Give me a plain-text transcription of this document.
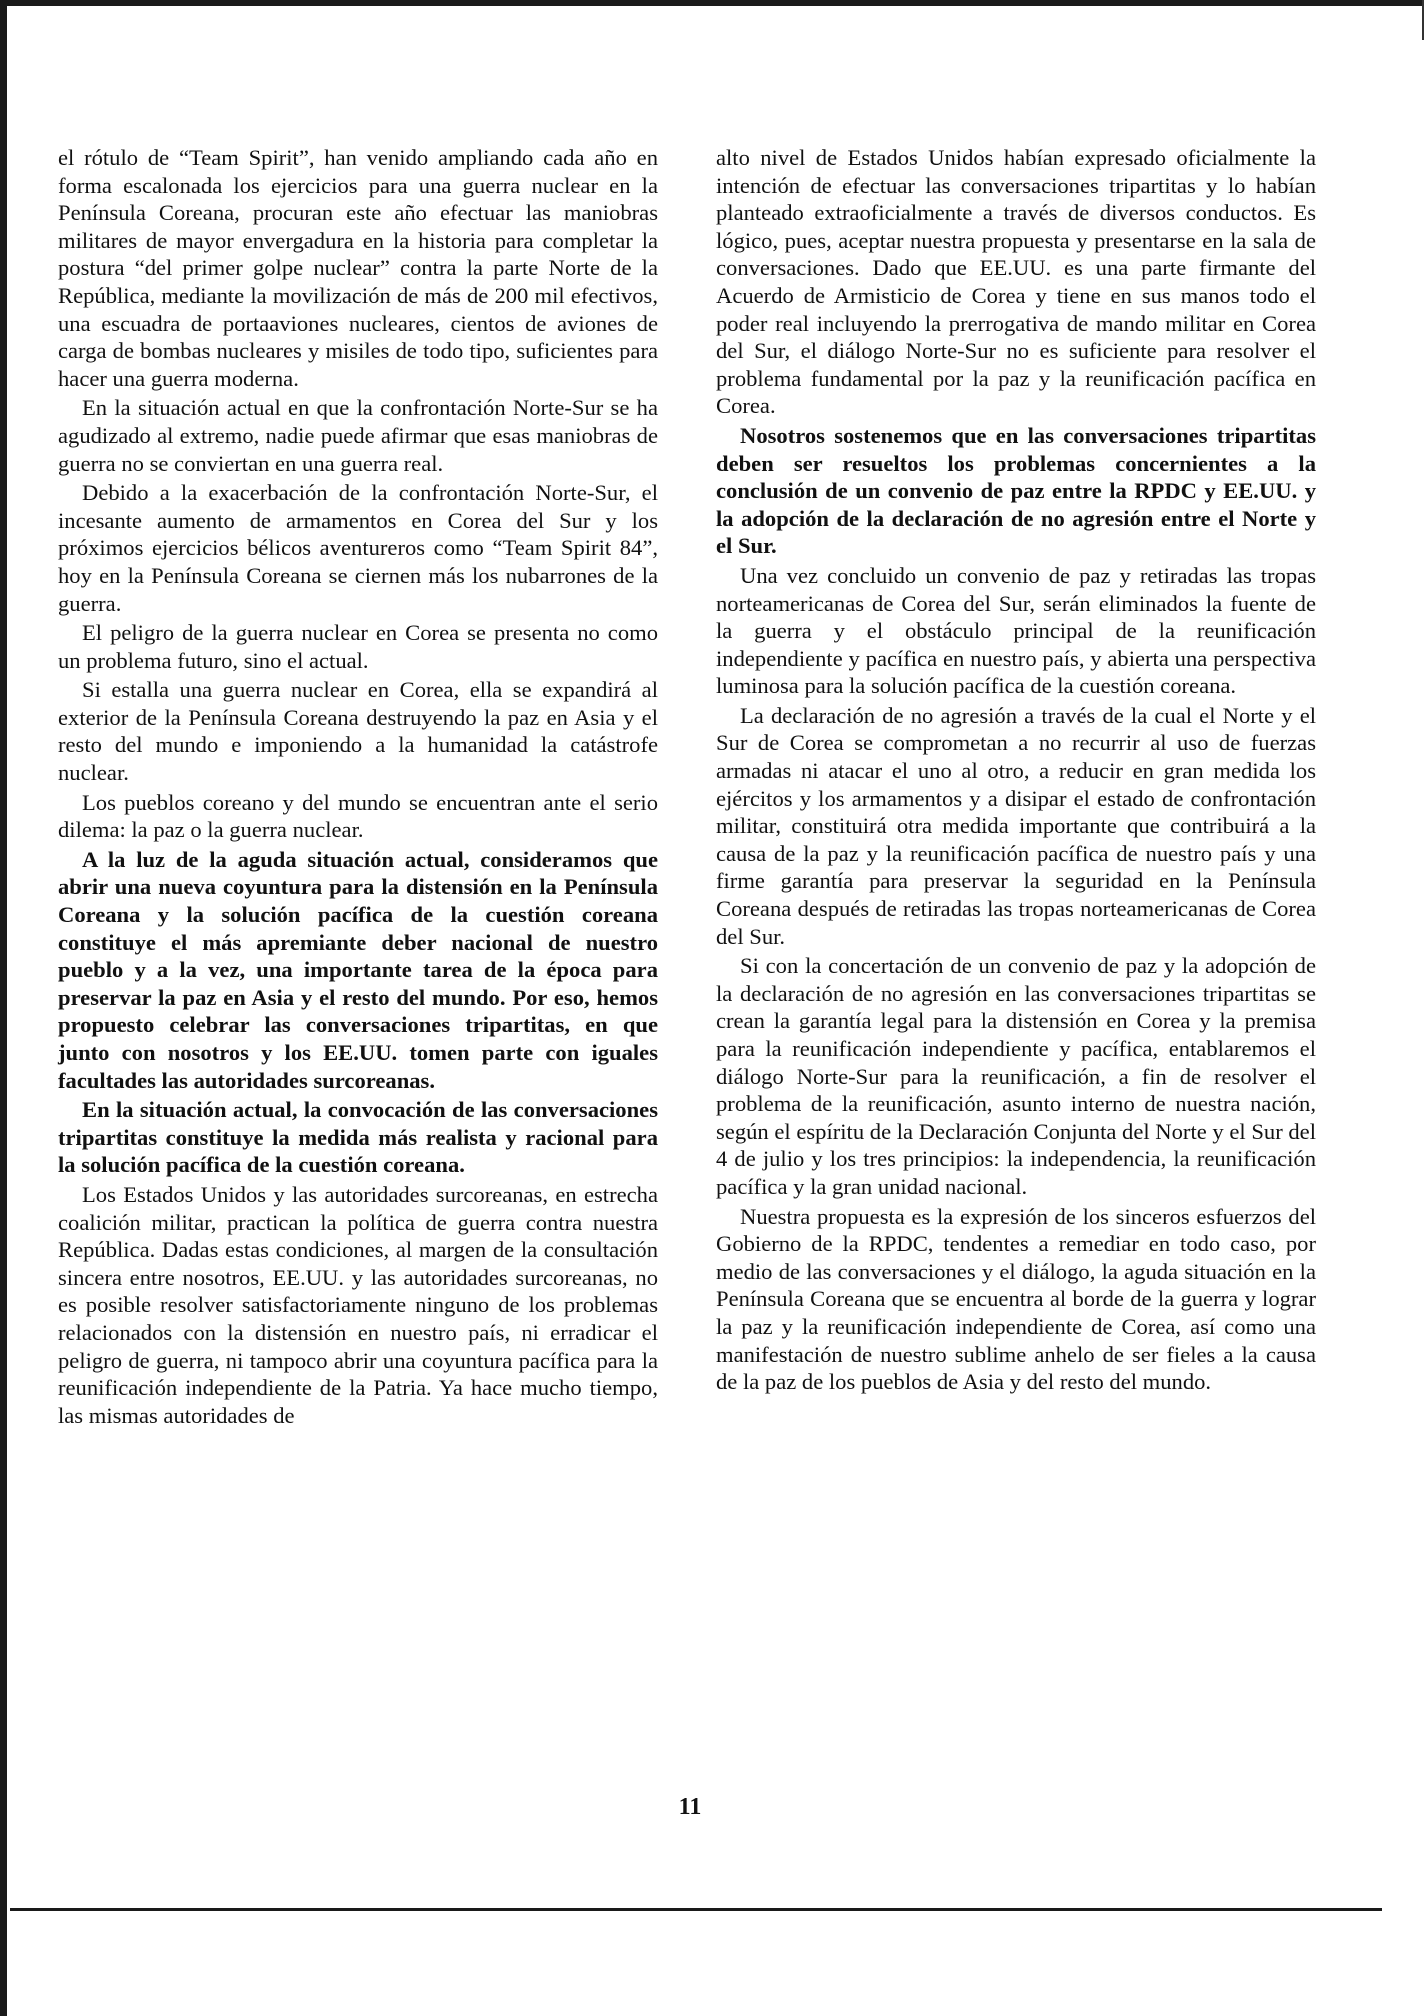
el rótulo de “Team Spirit”, han venido ampliando cada año en forma escalonada los ejercicios para una guerra nuclear en la Península Coreana, procuran este año efectuar las maniobras militares de mayor envergadura en la historia para completar la postura “del primer golpe nuclear” contra la parte Norte de la República, mediante la movilización de más de 200 mil efectivos, una escuadra de portaaviones nucleares, cientos de aviones de carga de bombas nucleares y misiles de todo tipo, suficientes para hacer una guerra moderna.

En la situación actual en que la confrontación Norte-Sur se ha agudizado al extremo, nadie puede afirmar que esas maniobras de guerra no se conviertan en una guerra real.

Debido a la exacerbación de la confrontación Norte-Sur, el incesante aumento de armamentos en Corea del Sur y los próximos ejercicios bélicos aventureros como “Team Spirit 84”, hoy en la Península Coreana se ciernen más los nubarrones de la guerra.

El peligro de la guerra nuclear en Corea se presenta no como un problema futuro, sino el actual.

Si estalla una guerra nuclear en Corea, ella se expandirá al exterior de la Península Coreana destruyendo la paz en Asia y el resto del mundo e imponiendo a la humanidad la catástrofe nuclear.

Los pueblos coreano y del mundo se encuentran ante el serio dilema: la paz o la guerra nuclear.

A la luz de la aguda situación actual, consideramos que abrir una nueva coyuntura para la distensión en la Península Coreana y la solución pacífica de la cuestión coreana constituye el más apremiante deber nacional de nuestro pueblo y a la vez, una importante tarea de la época para preservar la paz en Asia y el resto del mundo. Por eso, hemos propuesto celebrar las conversaciones tripartitas, en que junto con nosotros y los EE.UU. tomen parte con iguales facultades las autoridades surcoreanas.

En la situación actual, la convocación de las conversaciones tripartitas constituye la medida más realista y racional para la solución pacífica de la cuestión coreana.

Los Estados Unidos y las autoridades surcoreanas, en estrecha coalición militar, practican la política de guerra contra nuestra República. Dadas estas condiciones, al margen de la consultación sincera entre nosotros, EE.UU. y las autoridades surcoreanas, no es posible resolver satisfactoriamente ninguno de los problemas relacionados con la distensión en nuestro país, ni erradicar el peligro de guerra, ni tampoco abrir una coyuntura pacífica para la reunificación independiente de la Patria. Ya hace mucho tiempo, las mismas autoridades de

alto nivel de Estados Unidos habían expresado oficialmente la intención de efectuar las conversaciones tripartitas y lo habían planteado extraoficialmente a través de diversos conductos. Es lógico, pues, aceptar nuestra propuesta y presentarse en la sala de conversaciones. Dado que EE.UU. es una parte firmante del Acuerdo de Armisticio de Corea y tiene en sus manos todo el poder real incluyendo la prerrogativa de mando militar en Corea del Sur, el diálogo Norte-Sur no es suficiente para resolver el problema fundamental por la paz y la reunificación pacífica en Corea.

Nosotros sostenemos que en las conversaciones tripartitas deben ser resueltos los problemas concernientes a la conclusión de un convenio de paz entre la RPDC y EE.UU. y la adopción de la declaración de no agresión entre el Norte y el Sur.

Una vez concluido un convenio de paz y retiradas las tropas norteamericanas de Corea del Sur, serán eliminados la fuente de la guerra y el obstáculo principal de la reunificación independiente y pacífica en nuestro país, y abierta una perspectiva luminosa para la solución pacífica de la cuestión coreana.

La declaración de no agresión a través de la cual el Norte y el Sur de Corea se comprometan a no recurrir al uso de fuerzas armadas ni atacar el uno al otro, a reducir en gran medida los ejércitos y los armamentos y a disipar el estado de confrontación militar, constituirá otra medida importante que contribuirá a la causa de la paz y la reunificación pacífica de nuestro país y una firme garantía para preservar la seguridad en la Península Coreana después de retiradas las tropas norteamericanas de Corea del Sur.

Si con la concertación de un convenio de paz y la adopción de la declaración de no agresión en las conversaciones tripartitas se crean la garantía legal para la distensión en Corea y la premisa para la reunificación independiente y pacífica, entablaremos el diálogo Norte-Sur para la reunificación, a fin de resolver el problema de la reunificación, asunto interno de nuestra nación, según el espíritu de la Declaración Conjunta del Norte y el Sur del 4 de julio y los tres principios: la independencia, la reunificación pacífica y la gran unidad nacional.

Nuestra propuesta es la expresión de los sinceros esfuerzos del Gobierno de la RPDC, tendentes a remediar en todo caso, por medio de las conversaciones y el diálogo, la aguda situación en la Península Coreana que se encuentra al borde de la guerra y lograr la paz y la reunificación independiente de Corea, así como una manifestación de nuestro sublime anhelo de ser fieles a la causa de la paz de los pueblos de Asia y del resto del mundo.

11
